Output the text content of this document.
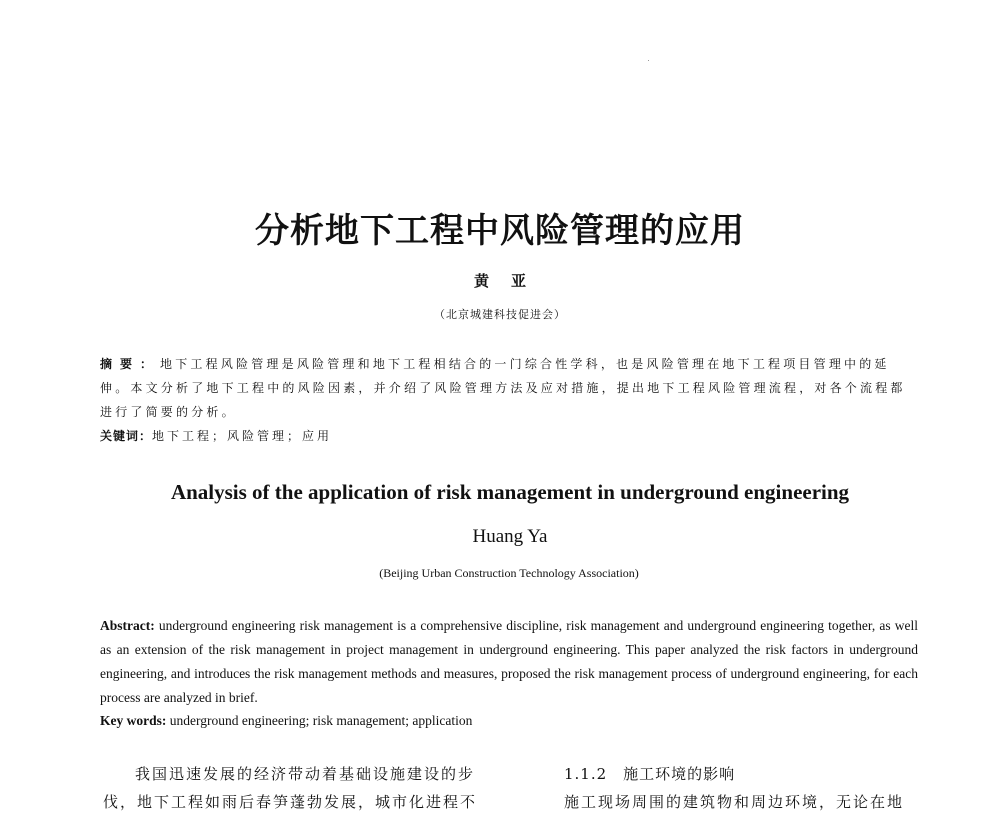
分析地下工程中风险管理的应用
黄亚
（北京城建科技促进会）
摘要：地下工程风险管理是风险管理和地下工程相结合的一门综合性学科，也是风险管理在地下工程项目管理中的延伸。本文分析了地下工程中的风险因素，并介绍了风险管理方法及应对措施，提出地下工程风险管理流程，对各个流程都进行了简要的分析。
关键词：地下工程；风险管理；应用
Analysis of the application of risk management in underground engineering
Huang Ya
(Beijing Urban Construction Technology Association)
Abstract: underground engineering risk management is a comprehensive discipline, risk management and underground engineering together, as well as an extension of the risk management in project management in underground engineering. This paper analyzed the risk factors in underground engineering, and introduces the risk management methods and measures, proposed the risk management process of underground engineering, for each process are analyzed in brief.
Key words: underground engineering; risk management; application
我国迅速发展的经济带动着基础设施建设的步伐，地下工程如雨后春笋蓬勃发展，城市化进程不
1.1.2　施工环境的影响
施工现场周围的建筑物和周边环境，无论在地
